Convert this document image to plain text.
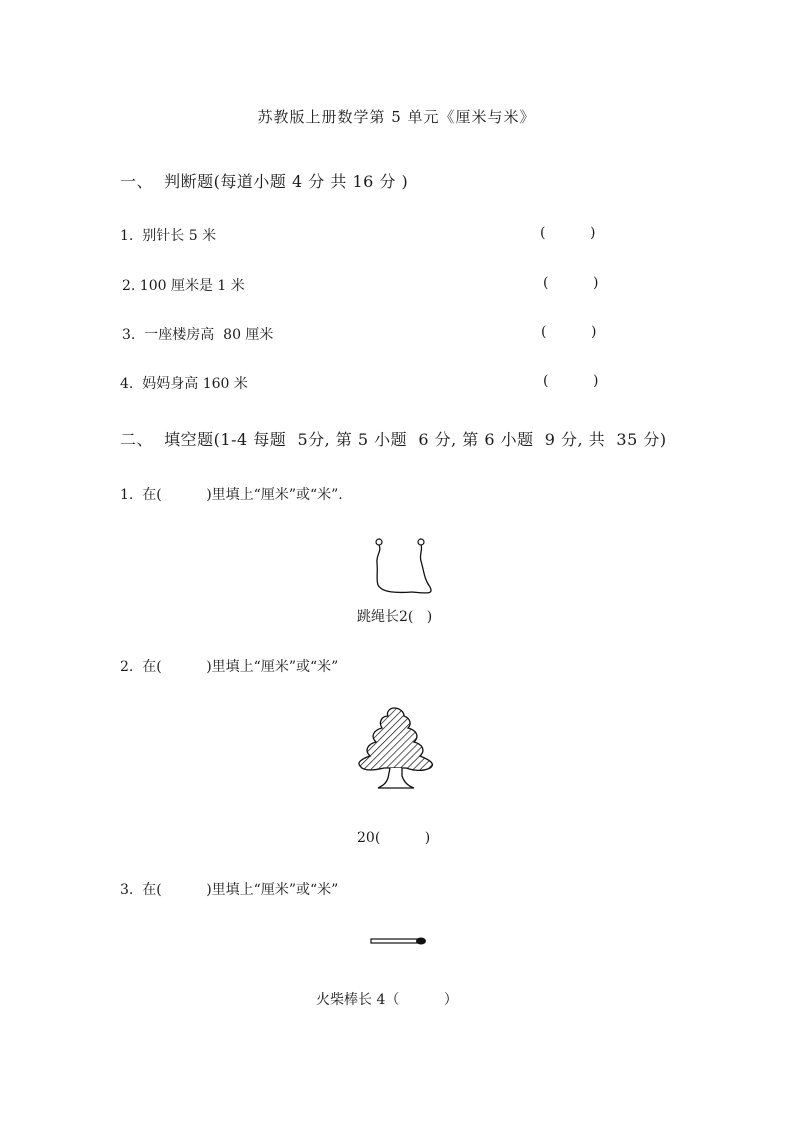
苏教版上册数学第 5 单元《厘米与米》
一、  判断题(每道小题 4 分 共 16 分 )
1.  别针长 5 米	(          )
2. 100 厘米是 1 米	(          )
3.  一座楼房高  80 厘米	(          )
4.  妈妈身高 160 米	(          )
二、  填空题(1-4 每题  5分, 第 5 小题  6 分, 第 6 小题  9 分, 共  35 分)
1.  在(          )里填上“厘米”或“米”.
跳绳长2(   )
2.  在(          )里填上“厘米”或“米”
20(          )
3.  在(          )里填上“厘米”或“米”
火柴棒长 4（          ）
